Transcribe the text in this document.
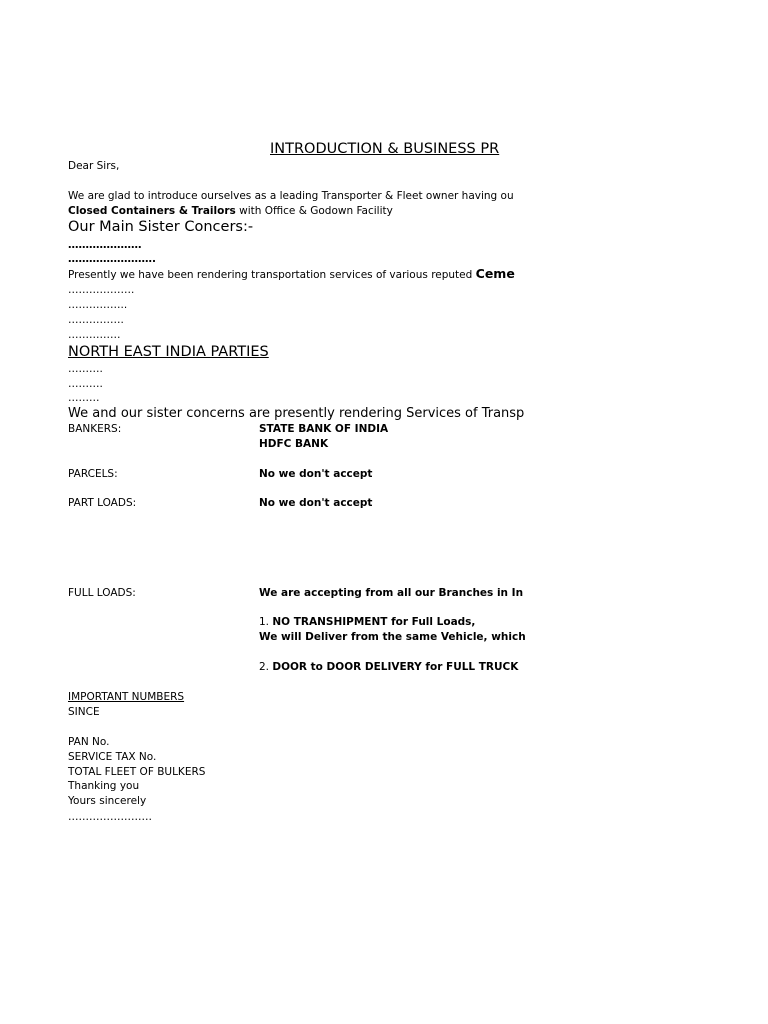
INTRODUCTION & BUSINESS PR
Dear Sirs,
We are glad to introduce ourselves as a leading Transporter & Fleet owner having ou
Closed Containers & Trailors with Office & Godown Facility
Our Main Sister Concers:-
…………………
…………………….
Presently we have been rendering transportation services of various reputed Ceme
……………….
……………..
…………….
……………
NORTH EAST INDIA PARTIES
……….
……….
………
We and our sister concerns are presently rendering Services of Transp
BANKERS:	STATE BANK OF INDIA
HDFC BANK
PARCELS:	No we don't accept
PART LOADS:	No we don't accept
FULL LOADS:	We are accepting from all our Branches in In
1. NO TRANSHIPMENT for Full Loads,
We will Deliver from the same Vehicle, which
2. DOOR to DOOR DELIVERY for FULL TRUCK
IMPORTANT NUMBERS
SINCE
PAN No.
SERVICE TAX No.
TOTAL FLEET OF BULKERS
Thanking you
Yours sincerely
……………………
